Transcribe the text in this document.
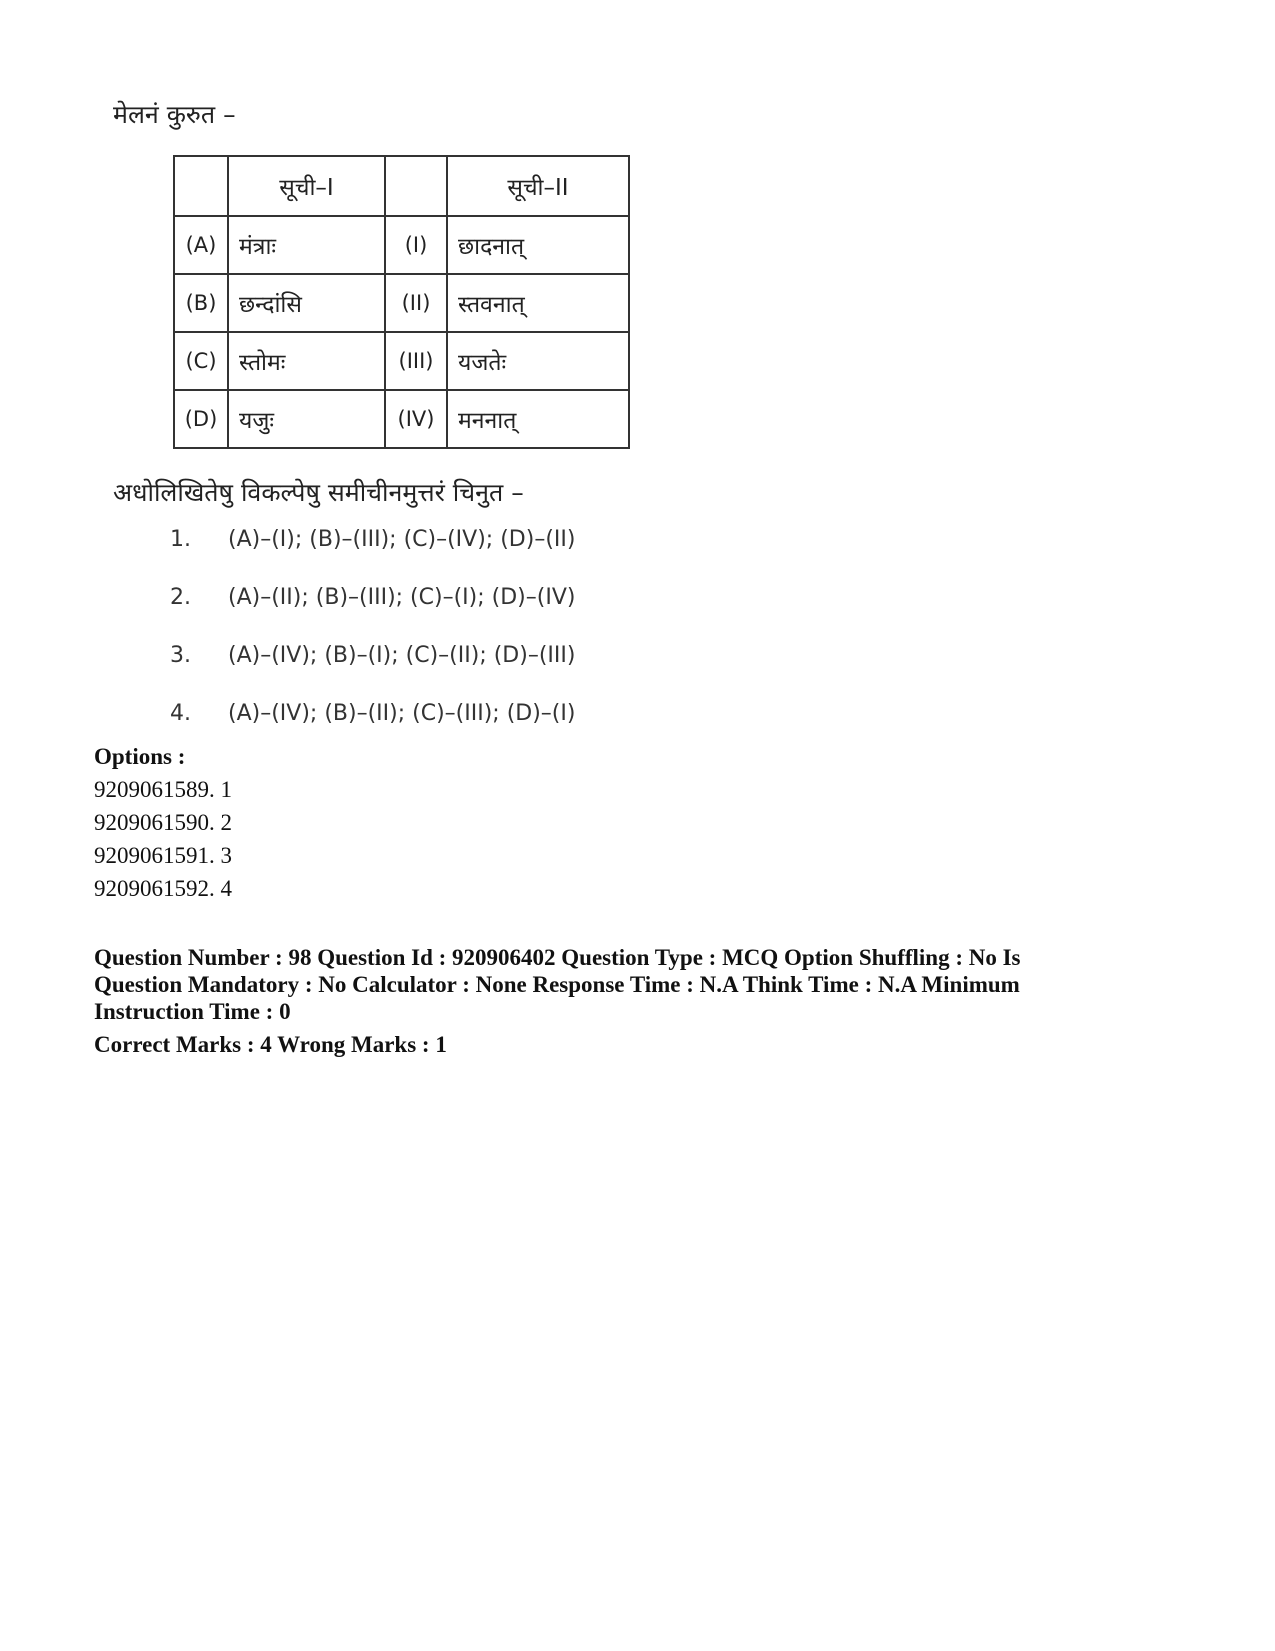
मेलनं कुरुत –
	सूची–I		सूची–II
(A)	मंत्राः	(I)	छादनात्
(B)	छन्दांसि	(II)	स्तवनात्
(C)	स्तोमः	(III)	यजतेः
(D)	यजुः	(IV)	मननात्
अधोलिखितेषु विकल्पेषु समीचीनमुत्तरं चिनुत –
1.	(A)–(I); (B)–(III); (C)–(IV); (D)–(II)
2.	(A)–(II); (B)–(III); (C)–(I); (D)–(IV)
3.	(A)–(IV); (B)–(I); (C)–(II); (D)–(III)
4.	(A)–(IV); (B)–(II); (C)–(III); (D)–(I)
Options :
9209061589. 1
9209061590. 2
9209061591. 3
9209061592. 4
Question Number : 98 Question Id : 920906402 Question Type : MCQ Option Shuffling : No Is Question Mandatory : No Calculator : None Response Time : N.A Think Time : N.A Minimum Instruction Time : 0
Correct Marks : 4 Wrong Marks : 1
